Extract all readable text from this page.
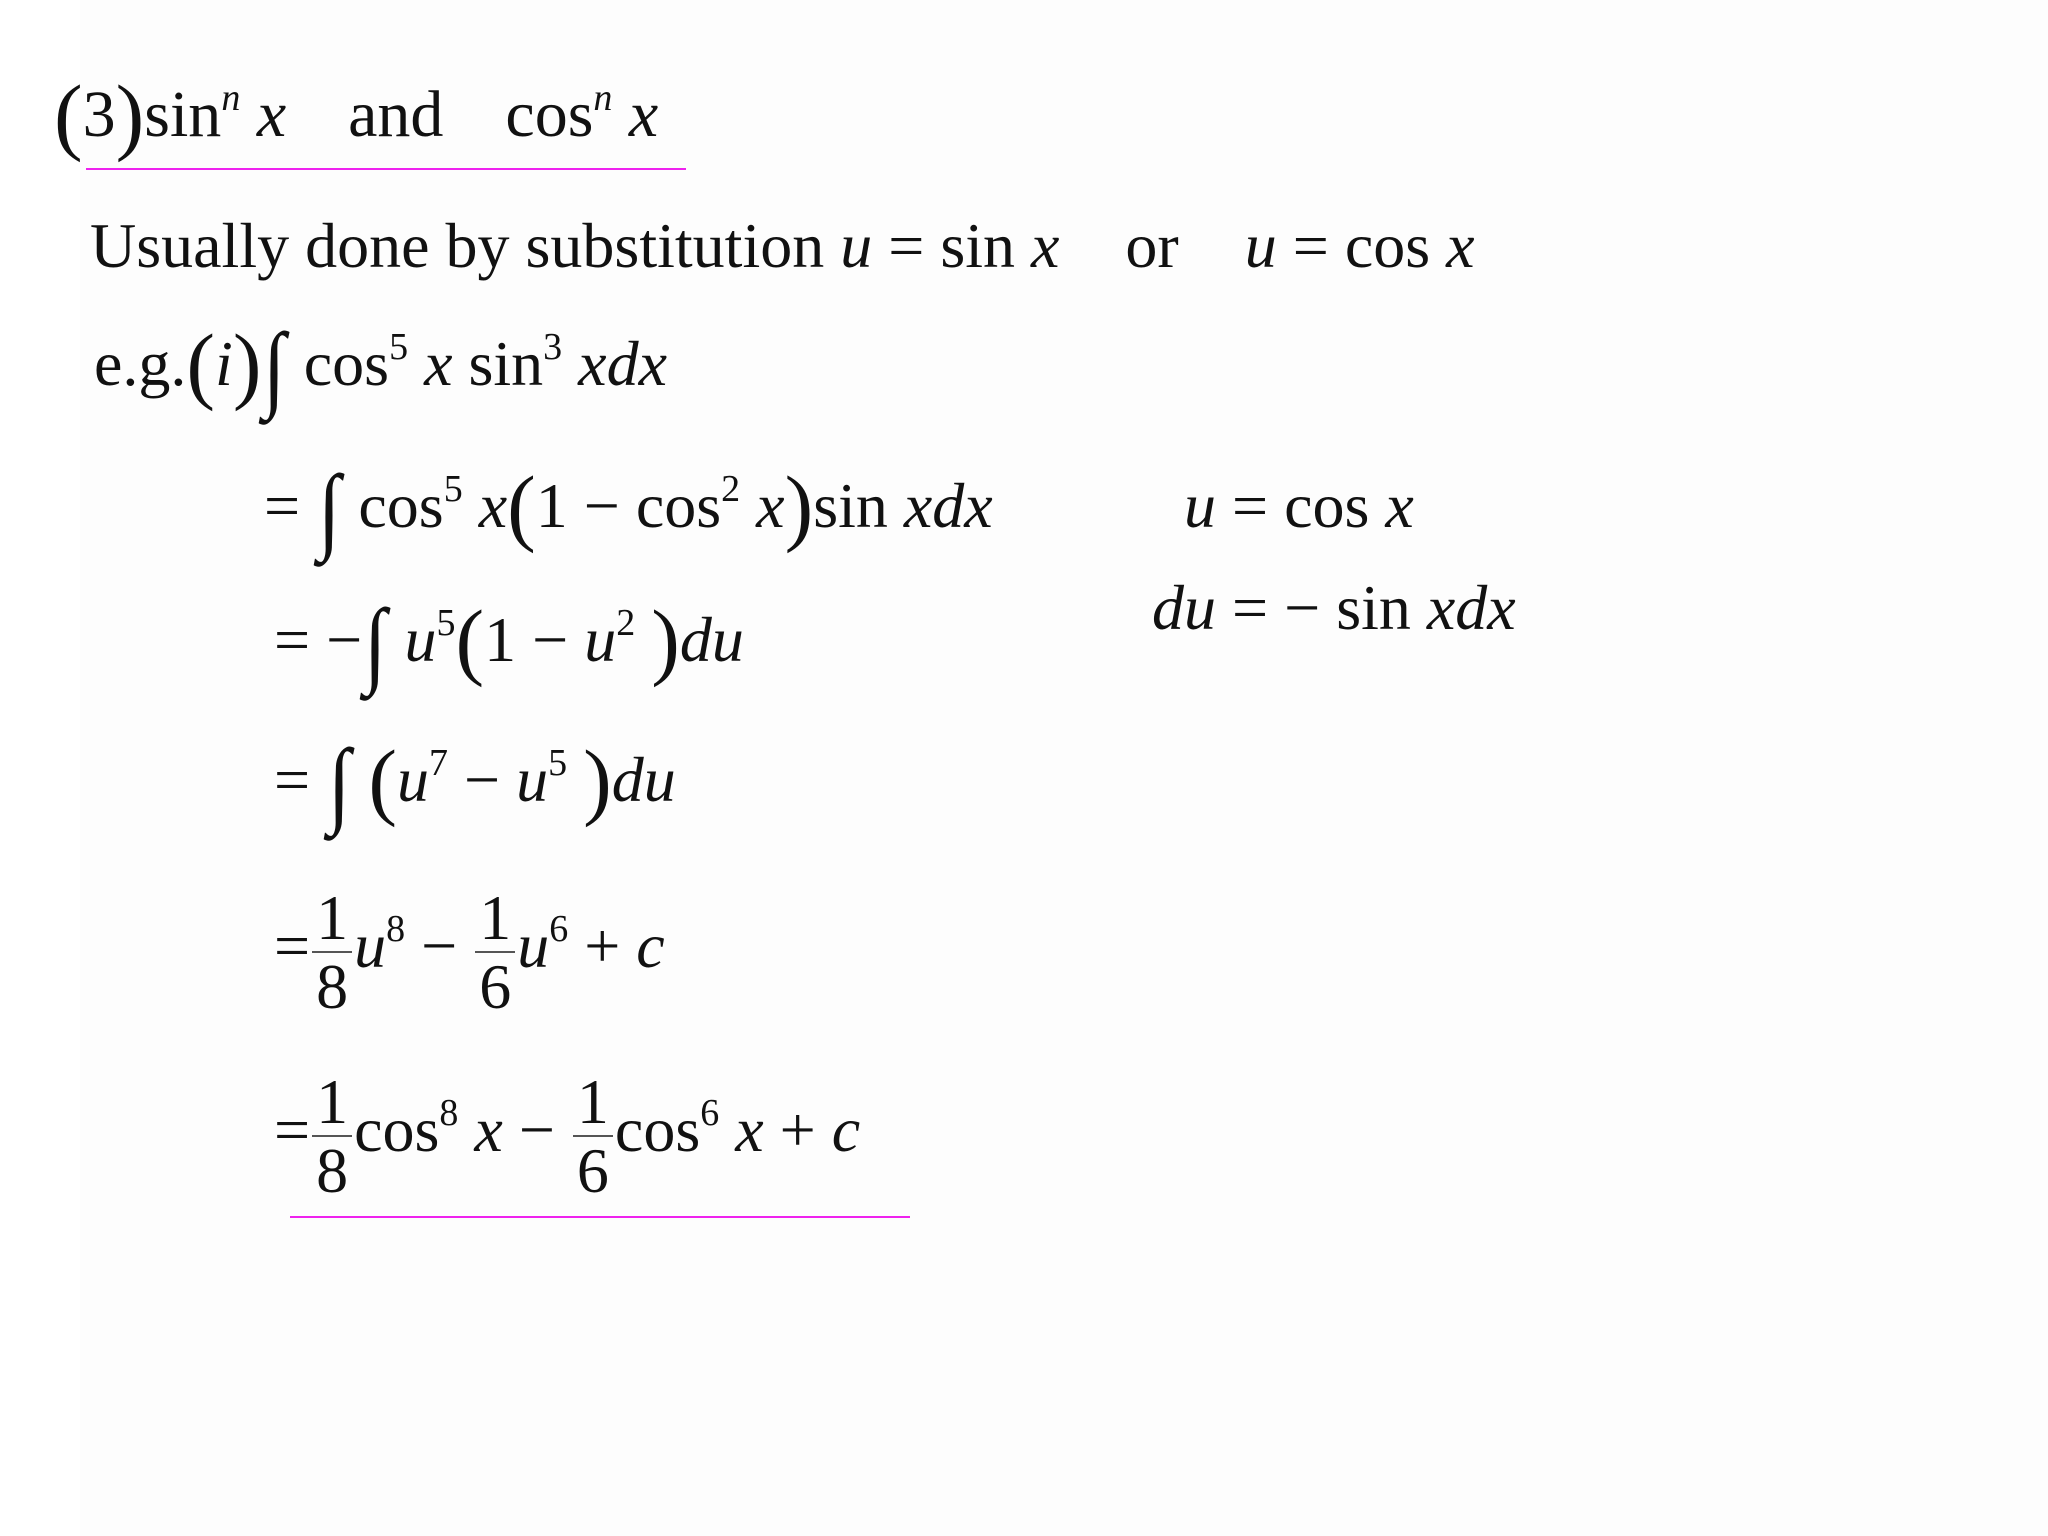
$(3)\sin^n$ x and $\cos^n x$
Usually done by substitution u = sin x or u = cos x
e.g.(i)∫ $\cos^5 x$ $\sin^3$ xdx
= ∫ $\cos^5 x(1 - \cos^2 x)\sin$ xdx	u = cos x
du = − sin xdx
= −∫ $u^5(1 - u^2$ )du
= ∫ ($u^7 - u^5$ )du
= $\frac{1}{8} u^8 - \frac{1}{6} u^6 + c$
= $\frac{1}{8} \cos^8 x - \frac{1}{6} \cos^6 x + c$
